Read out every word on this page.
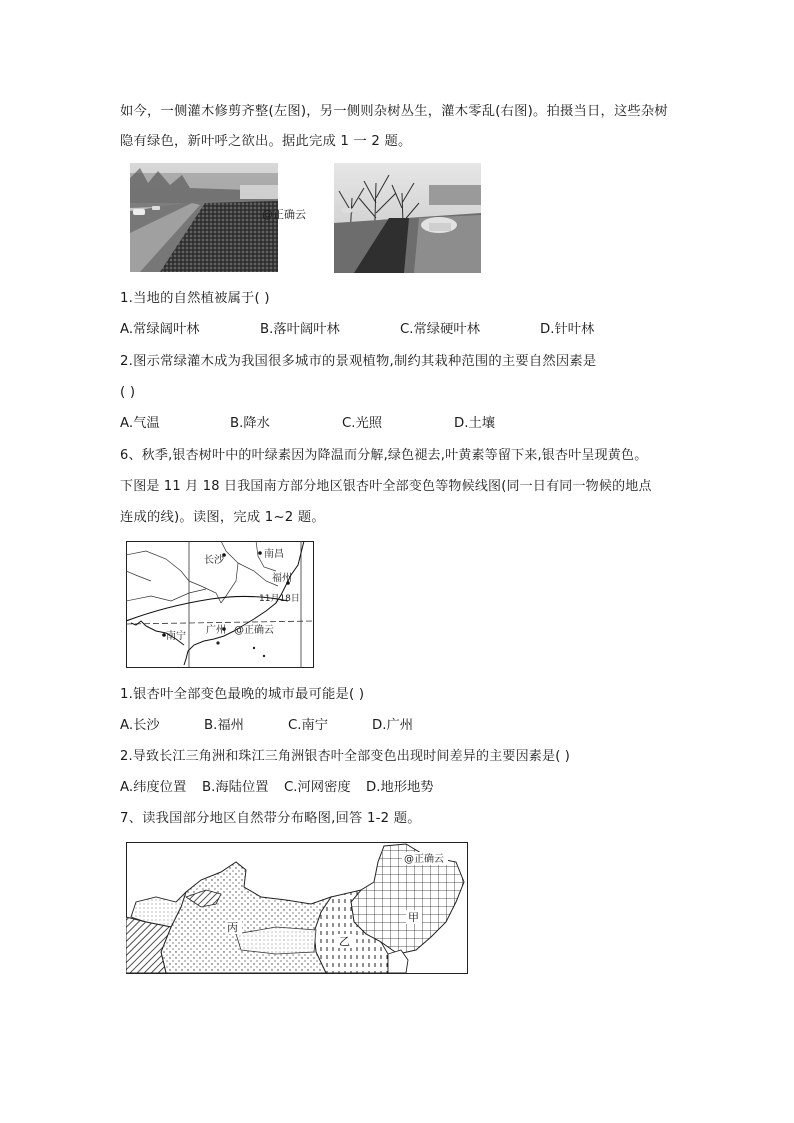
如今，一侧灌木修剪齐整(左图)，另一侧则杂树丛生，灌木零乱(右图)。拍摄当日，这些杂树
隐有绿色，新叶呼之欲出。据此完成 1 一 2 题。
@正确云
1.当地的自然植被属于( )
A.常绿阔叶林	B.落叶阔叶林	C.常绿硬叶林	D.针叶林
2.图示常绿灌木成为我国很多城市的景观植物,制约其栽种范围的主要自然因素是
( )
A.气温	B.降水	C.光照	D.土壤
6、秋季,银杏树叶中的叶绿素因为降温而分解,绿色褪去,叶黄素等留下来,银杏叶呈现黄色。
下图是 11 月 18 日我国南方部分地区银杏叶全部变色等物候线图(同一日有同一物候的地点
连成的线)。读图，完成 1~2 题。
长沙
南昌
福州
11月18日
南宁
广州 @正确云
1.银杏叶全部变色最晚的城市最可能是( )
A.长沙	B.福州	C.南宁	D.广州
2.导致长江三角洲和珠江三角洲银杏叶全部变色出现时间差异的主要因素是( )
A.纬度位置 B.海陆位置 C.河网密度 D.地形地势
7、读我国部分地区自然带分布略图,回答 1-2 题。
丙
乙
甲
@正确云
